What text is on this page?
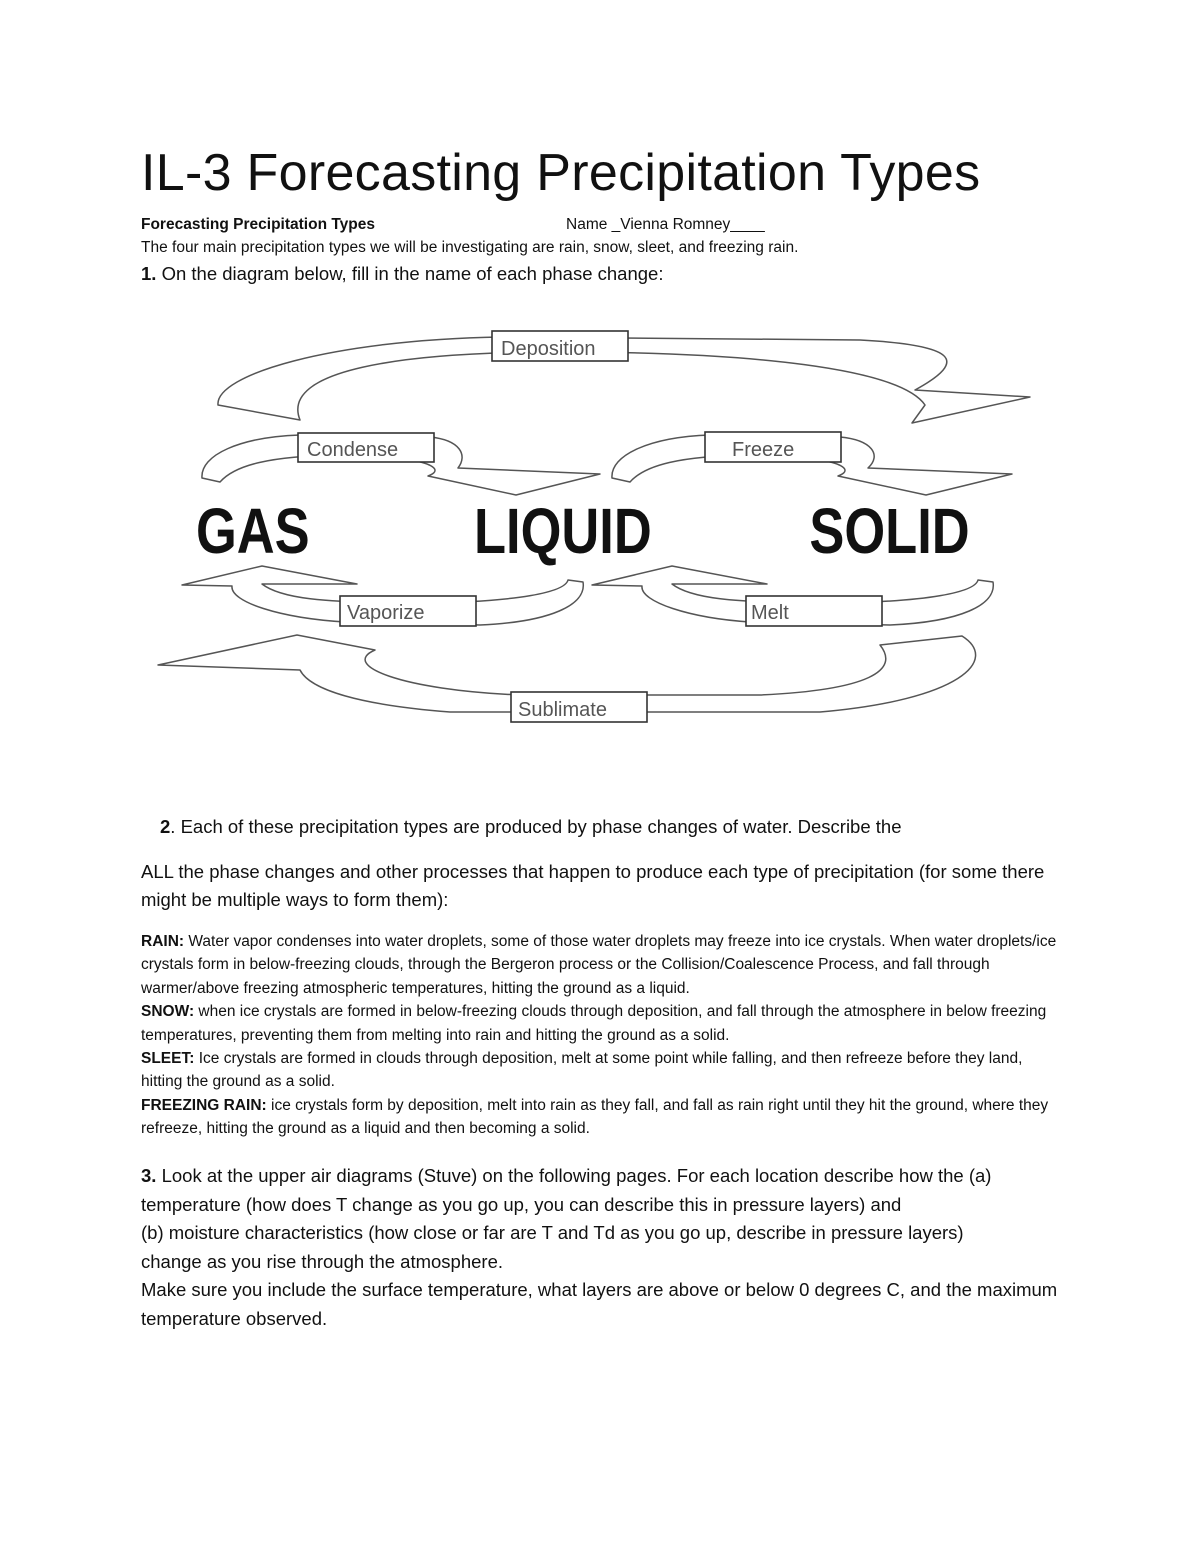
IL-3 Forecasting Precipitation Types
Forecasting Precipitation Types	Name _Vienna Romney____
The four main precipitation types we will be investigating are rain, snow, sleet, and freezing rain.
1. On the diagram below, fill in the name of each phase change:
Deposition
Condense	Freeze
Vaporize	Melt
Sublimate
GAS	LIQUID SOLID
2. Each of these precipitation types are produced by phase changes of water. Describe the
ALL the phase changes and other processes that happen to produce each type of precipitation (for some there might be multiple ways to form them):

RAIN: Water vapor condenses into water droplets, some of those water droplets may freeze into ice crystals. When water droplets/ice crystals form in below-freezing clouds, through the Bergeron process or the Collision/Coalescence Process, and fall through warmer/above freezing atmospheric temperatures, hitting the ground as a liquid.

SNOW: when ice crystals are formed in below-freezing clouds through deposition, and fall through the atmosphere in below freezing temperatures, preventing them from melting into rain and hitting the ground as a solid.

SLEET: Ice crystals are formed in clouds through deposition, melt at some point while falling, and then refreeze before they land, hitting the ground as a solid.

FREEZING RAIN: ice crystals form by deposition, melt into rain as they fall, and fall as rain right until they hit the ground, where they refreeze, hitting the ground as a liquid and then becoming a solid.

3. Look at the upper air diagrams (Stuve) on the following pages. For each location describe how the (a) temperature (how does T change as you go up, you can describe this in pressure layers) and

(b) moisture characteristics (how close or far are T and Td as you go up, describe in pressure layers)

change as you rise through the atmosphere.

Make sure you include the surface temperature, what layers are above or below 0 degrees C, and the maximum temperature observed.
